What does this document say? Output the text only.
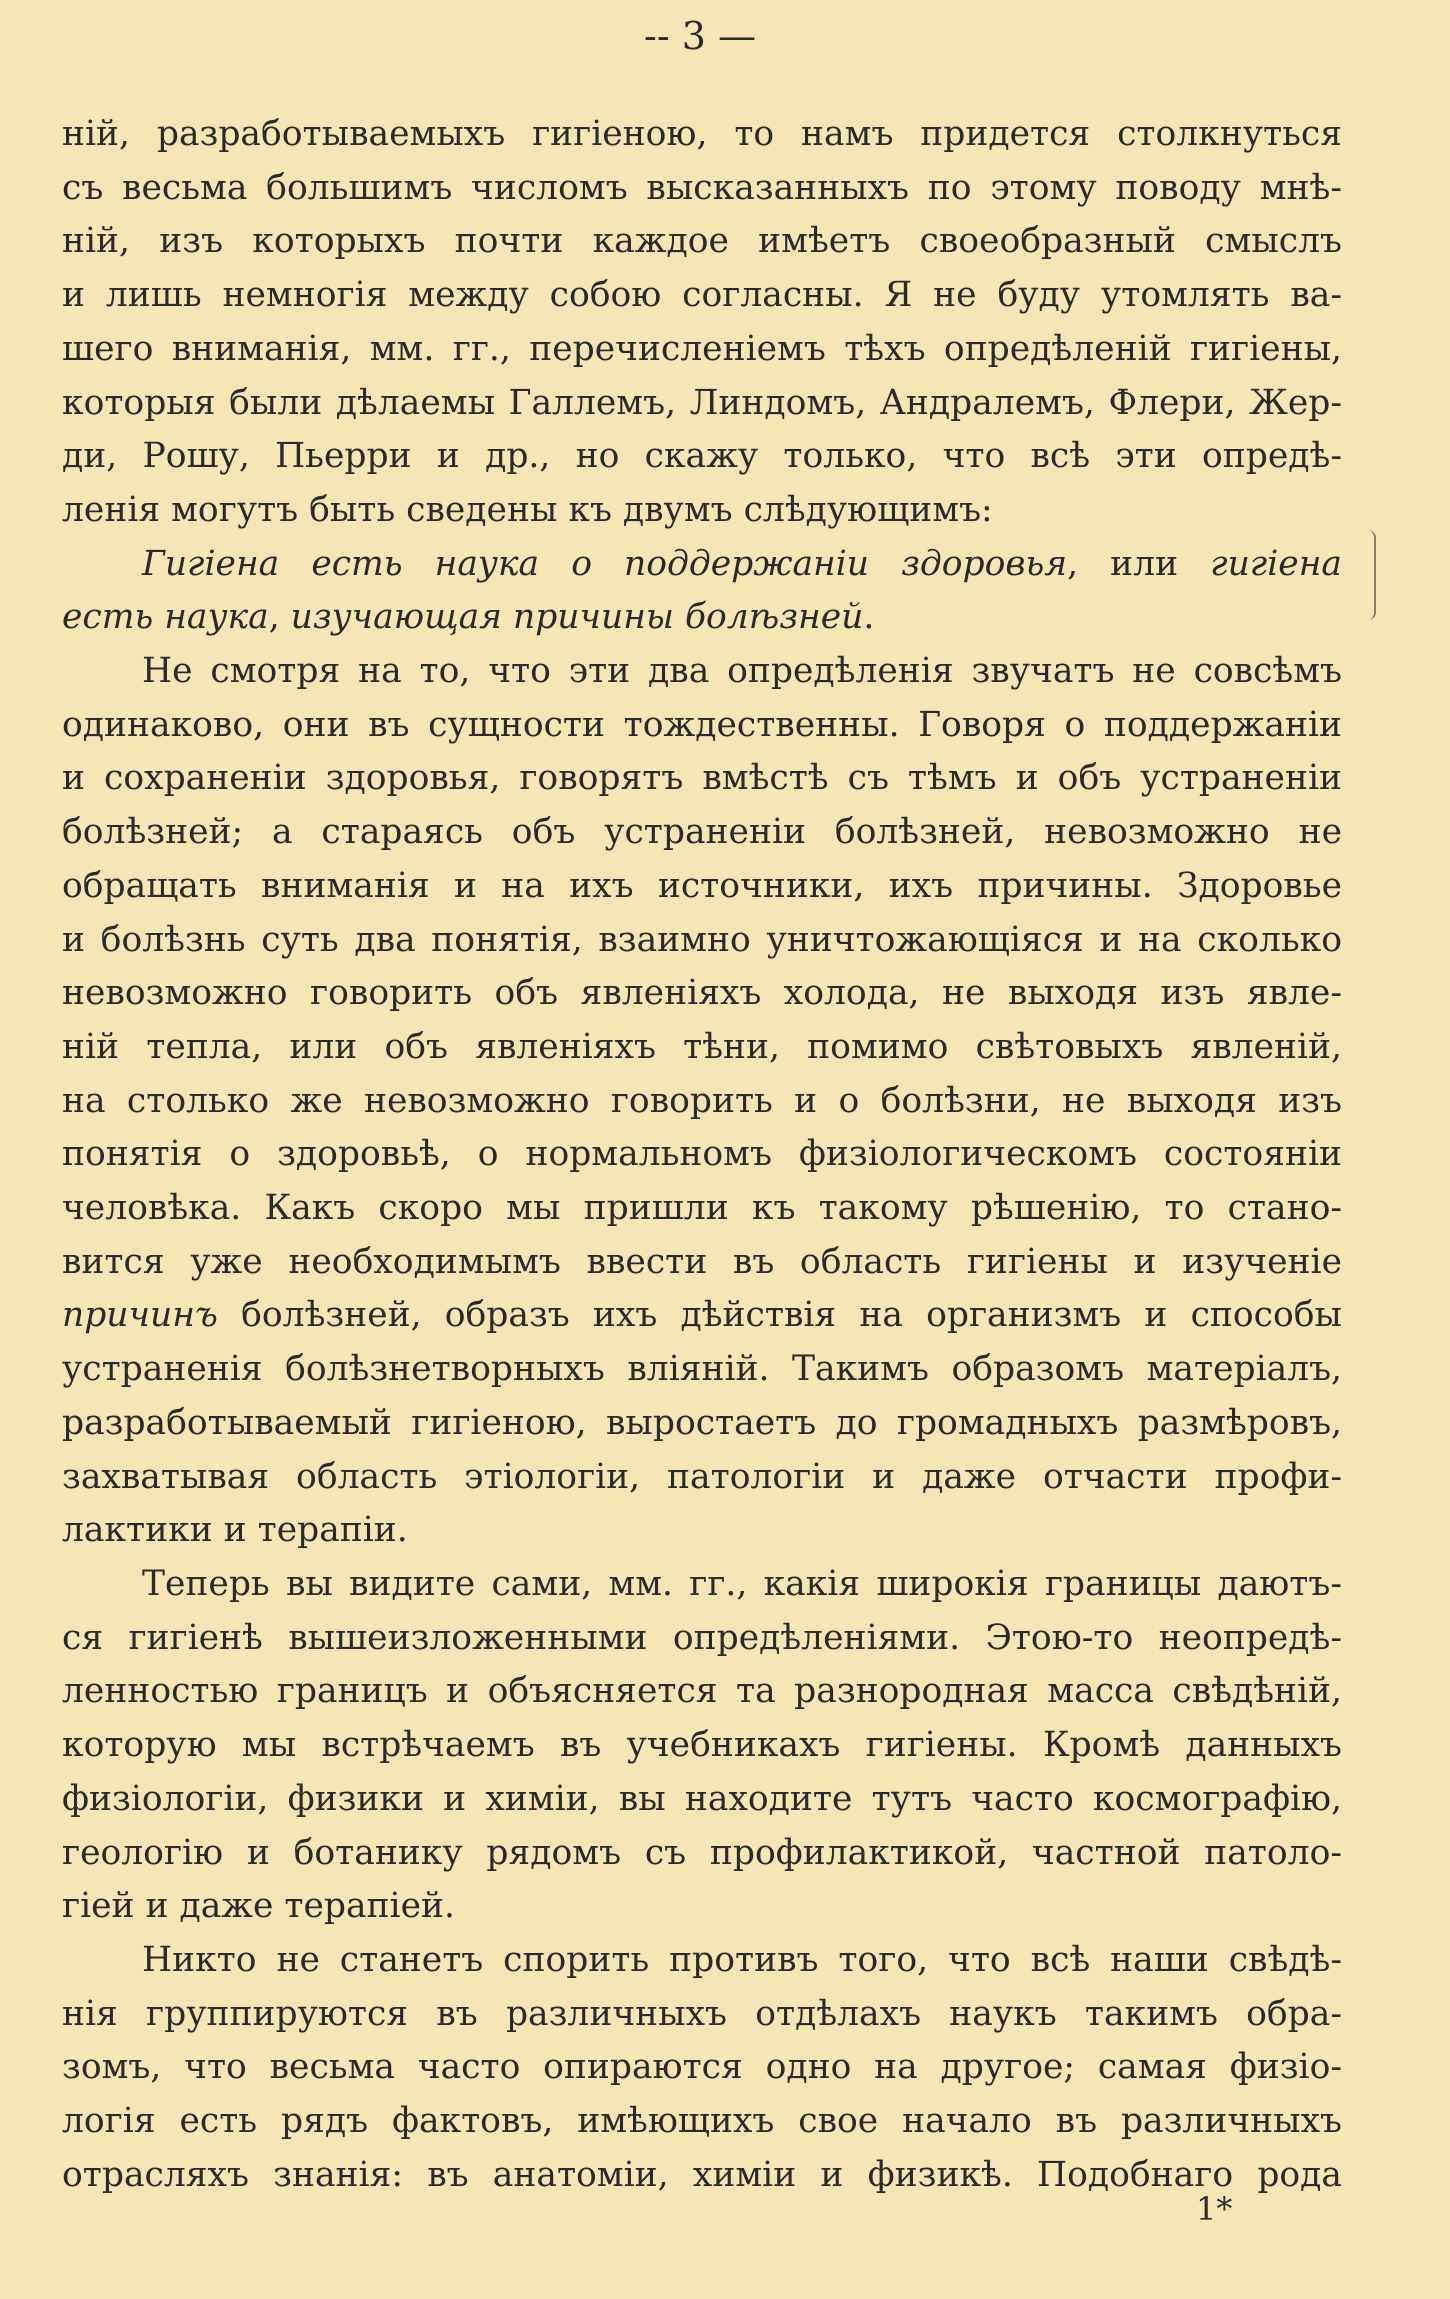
-- 3 —
ній, разработываемыхъ гигіеною, то намъ придется столкнуться
съ весьма большимъ числомъ высказанныхъ по этому поводу мнѣ-
ній, изъ которыхъ почти каждое имѣетъ своеобразный смыслъ
и лишь немногія между собою согласны. Я не буду утомлять ва-
шего вниманія, мм. гг., перечисленіемъ тѣхъ опредѣленій гигіены,
которыя были дѣлаемы Галлемъ, Линдомъ, Андралемъ, Флери, Жер-
ди, Рошу, Пьерри и др., но скажу только, что всѣ эти опредѣ-
ленія могутъ быть сведены къ двумъ слѣдующимъ:
Гигіена есть наука о поддержаніи здоровья, или гигіена
есть наука, изучающая причины болѣзней.
Не смотря на то, что эти два опредѣленія звучатъ не совсѣмъ
одинаково, они въ сущности тождественны. Говоря о поддержаніи
и сохраненіи здоровья, говорятъ вмѣстѣ съ тѣмъ и объ устраненіи
болѣзней; а стараясь объ устраненіи болѣзней, невозможно не
обращать вниманія и на ихъ источники, ихъ причины. Здоровье
и болѣзнь суть два понятія, взаимно уничтожающіяся и на сколько
невозможно говорить объ явленіяхъ холода, не выходя изъ явле-
ній тепла, или объ явленіяхъ тѣни, помимо свѣтовыхъ явленій,
на столько же невозможно говорить и о болѣзни, не выходя изъ
понятія о здоровьѣ, о нормальномъ физіологическомъ состояніи
человѣка. Какъ скоро мы пришли къ такому рѣшенію, то стано-
вится уже необходимымъ ввести въ область гигіены и изученіе
причинъ болѣзней, образъ ихъ дѣйствія на организмъ и способы
устраненія болѣзнетворныхъ вліяній. Такимъ образомъ матеріалъ,
разработываемый гигіеною, выростаетъ до громадныхъ размѣровъ,
захватывая область этіологіи, патологіи и даже отчасти профи-
лактики и терапіи.
Теперь вы видите сами, мм. гг., какія широкія границы даютъ-
ся гигіенѣ вышеизложенными опредѣленіями. Этою-то неопредѣ-
ленностью границъ и объясняется та разнородная масса свѣдѣній,
которую мы встрѣчаемъ въ учебникахъ гигіены. Кромѣ данныхъ
физіологіи, физики и химіи, вы находите тутъ часто космографію,
геологію и ботанику рядомъ съ профилактикой, частной патоло-
гіей и даже терапіей.
Никто не станетъ спорить противъ того, что всѣ наши свѣдѣ-
нія группируются въ различныхъ отдѣлахъ наукъ такимъ обра-
зомъ, что весьма часто опираются одно на другое; самая физіо-
логія есть рядъ фактовъ, имѣющихъ свое начало въ различныхъ
отрасляхъ знанія: въ анатоміи, химіи и физикѣ. Подобнаго рода
1*
